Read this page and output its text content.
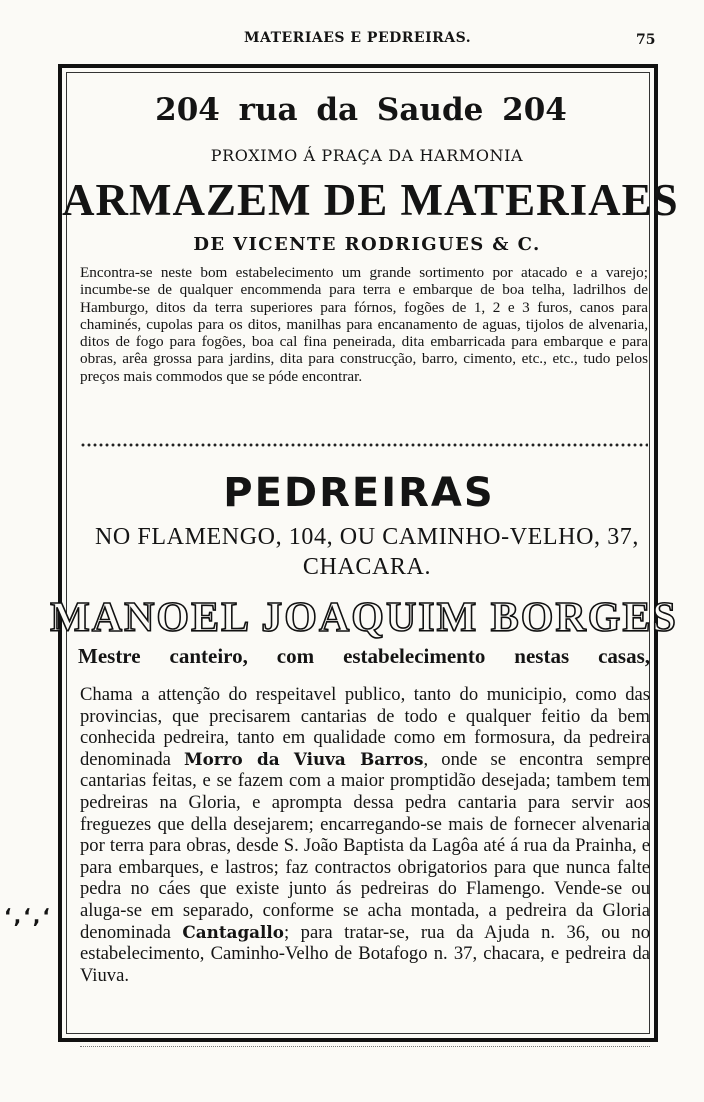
MATERIAES E PEDREIRAS.	75
204 rua da Saude 204
PROXIMO Á PRAÇA DA HARMONIA
ARMAZEM DE MATERIAES
DE VICENTE RODRIGUES & C.

Encontra-se neste bom estabelecimento um grande sortimento por atacado e a varejo; incumbe-se de qualquer encommenda para terra e embarque de boa telha, ladrilhos de Hamburgo, ditos da terra superiores para fórnos, fogões de 1, 2 e 3 furos, canos para chaminés, cupolas para os ditos, manilhas para encanamento de aguas, tijolos de alvenaria, ditos de fogo para fogões, boa cal fina peneirada, dita embarricada para embarque e para obras, arêa grossa para jardins, dita para construcção, barro, cimento, etc., etc., tudo pelos preços mais commodos que se póde encontrar.

PEDREIRAS

NO FLAMENGO, 104, OU CAMINHO-VELHO, 37,
CHACARA.

MANOEL JOAQUIM BORGES
Mestre canteiro, com estabelecimento nestas casas,

Chama a attenção do respeitavel publico, tanto do municipio, como das provincias, que precisarem cantarias de todo e qualquer feitio da bem conhecida pedreira, tanto em qualidade como em formosura, da pedreira denominada Morro da Viuva Barros, onde se encontra sempre cantarias feitas, e se fazem com a maior promptidão desejada; tambem tem pedreiras na Gloria, e apromptа dessa pedra cantaria para servir aos freguezes que della desejarem; encarregando-se mais de fornecer alvenaria por terra para obras, desde S. João Baptista da Lagôa até á rua da Prainha, e para embarques, e lastros; faz contractos obrigatorios para que nunca falte pedra no cáes que existe junto ás pedreiras do Flamengo. Vende-se ou aluga-se em separado, conforme se acha montada, a pedreira da Gloria denominada Cantagallo; para tratar-se, rua da Ajuda n. 36, ou no estabelecimento, Caminho-Velho de Botafogo n. 37, chacara, e pedreira da Viuva.

ʻ,ʻ,ʻ
